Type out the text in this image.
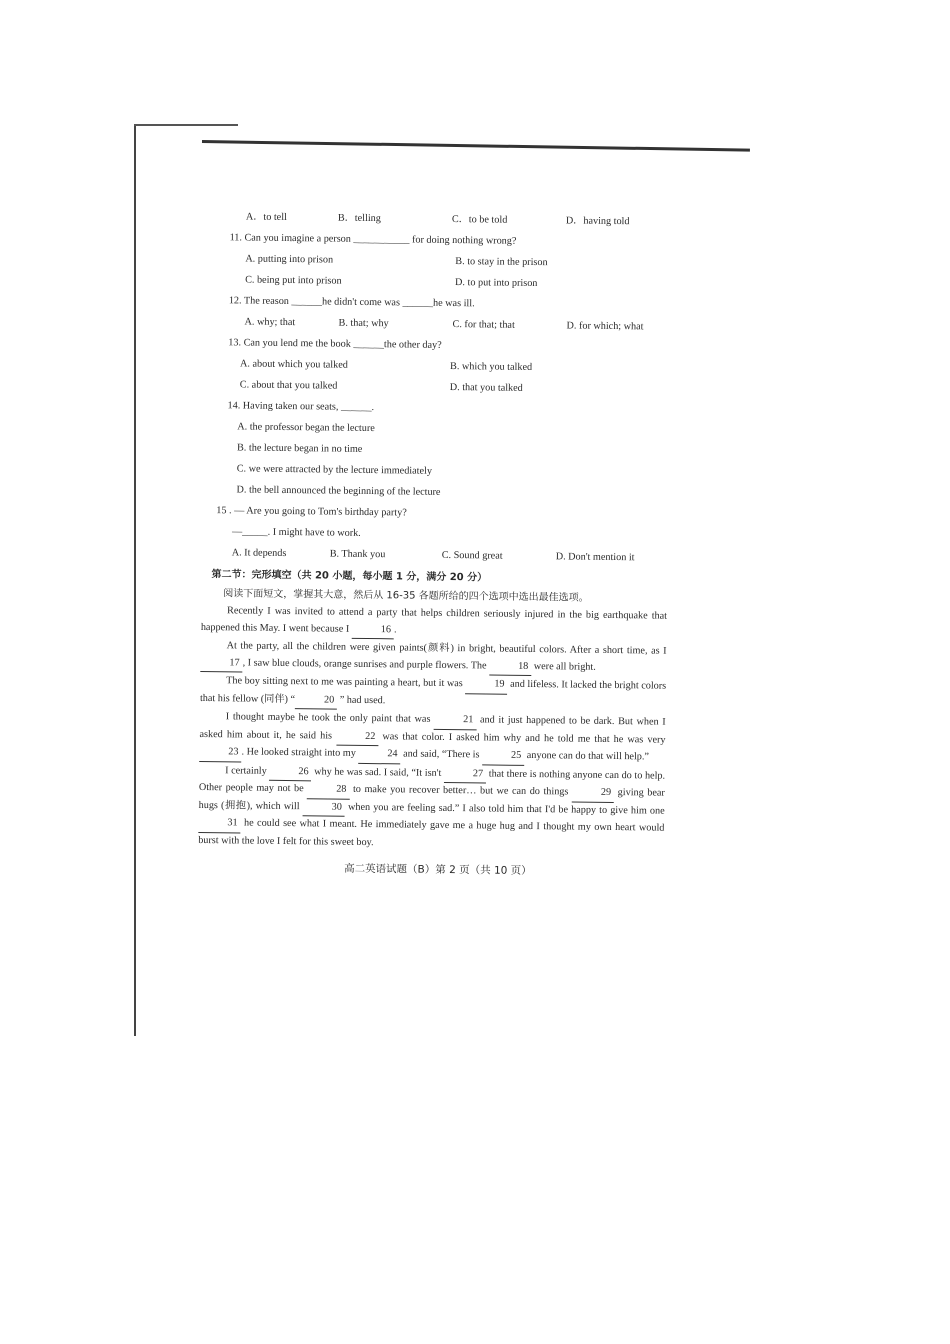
A．to tell	B．telling	C．to be told	D．having told
11. Can you imagine a person ___________ for doing nothing wrong?
A. putting into prison	B. to stay in the prison
C. being put into prison	D. to put into prison
12. The reason ______he didn't come was ______he was ill.
A. why; that	B. that; why	C. for that; that	D. for which; what
13. Can you lend me the book ______the other day?
A. about which you talked	B. which you talked
C. about that you talked	D. that you talked
14. Having taken our seats, ______.
A. the professor began the lecture
B. the lecture began in no time
C. we were attracted by the lecture immediately
D. the bell announced the beginning of the lecture
15 . — Are you going to Tom's birthday party?
—_____. I might have to work.
A. It depends	B. Thank you	C. Sound great	D. Don't mention it
第二节：完形填空（共 20 小题，每小题 1 分，满分 20 分）
阅读下面短文，掌握其大意，然后从 16-35 各题所给的四个选项中选出最佳选项。

Recently I was invited to attend a party that helps children seriously injured in the big earthquake that happened this May. I went because I	16 .

At the party, all the children were given paints(颜料) in bright, beautiful colors. After a short time, as I 17 , I saw blue clouds, orange sunrises and purple flowers. The	18 were all bright.

The boy sitting next to me was painting a heart, but it was	19 and lifeless. It lacked the bright colors that his fellow (同伴) “	20 ” had used.

I thought maybe he took the only paint that was	21 and it just happened to be dark. But when I asked him about it, he said his	22 was that color. I asked him why and he told me that he was very 23 . He looked straight into my	24 and said, “There is	25 anyone can do that will help.”

I certainly	26 why he was sad. I said, “It isn't	27 that there is nothing anyone can do to help. Other people may not be	28 to make you recover better… but we can do things	29 giving bear hugs (拥抱), which will	30 when you are feeling sad.” I also told him that I'd be happy to give him one 31 he could see what I meant. He immediately gave me a huge hug and I thought my own heart would burst with the love I felt for this sweet boy.

高二英语试题（B）第 2 页（共 10 页）
